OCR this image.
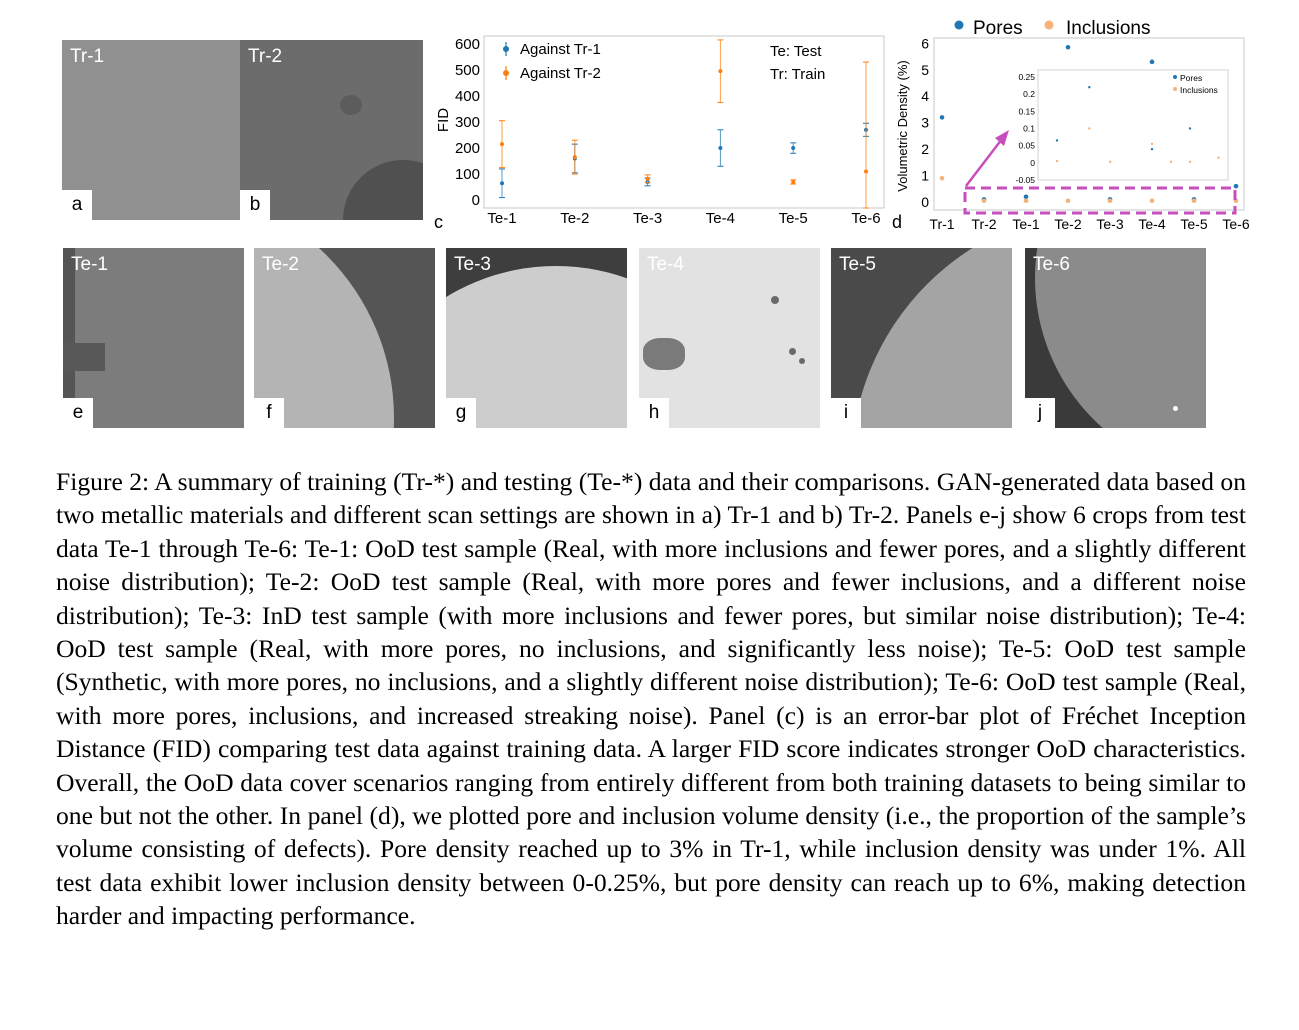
Tr-1
a
Tr-2
b
c
FID
0
100
200
300
400
500
600
Te-1	Te-2	Te-3	Te-4	Te-5	Te-6
Against Tr-1
Against Tr-2
Te: Test
Tr: Train
d
Volumetric Density (%)
Pores Inclusions
0
1
2
3
4
5
6
Tr-1 Tr-2 Te-1 Te-2 Te-3 Te-4 Te-5 Te-6
0.25
0.2
0.15
0.1
0.05
0
-0.05
Pores
Inclusions
Te-1
e
Te-2
f
Te-3
g
Te-4
h
Te-5
i
Te-6
j

Figure 2: A summary of training (Tr-*) and testing (Te-*) data and their comparisons. GAN-generated data based on two metallic materials and different scan settings are shown in a) Tr-1 and b) Tr-2. Panels e-j show 6 crops from test data Te-1 through Te-6: Te-1: OoD test sample (Real, with more inclusions and fewer pores, and a slightly different noise distribution); Te-2: OoD test sample (Real, with more pores and fewer inclusions, and a different noise distribution); Te-3: InD test sample (with more inclusions and fewer pores, but similar noise distribution); Te-4: OoD test sample (Real, with more pores, no inclusions, and significantly less noise); Te-5: OoD test sample (Synthetic, with more pores, no inclusions, and a slightly different noise distribution); Te-6: OoD test sample (Real, with more pores, inclusions, and increased streaking noise). Panel (c) is an error-bar plot of Fréchet Inception Distance (FID) comparing test data against training data. A larger FID score indicates stronger OoD characteristics. Overall, the OoD data cover scenarios ranging from entirely different from both training datasets to being similar to one but not the other. In panel (d), we plotted pore and inclusion volume density (i.e., the proportion of the sample’s volume consisting of defects). Pore density reached up to 3% in Tr-1, while inclusion density was under 1%. All test data exhibit lower inclusion density between 0-0.25%, but pore density can reach up to 6%, making detection harder and impacting performance.
